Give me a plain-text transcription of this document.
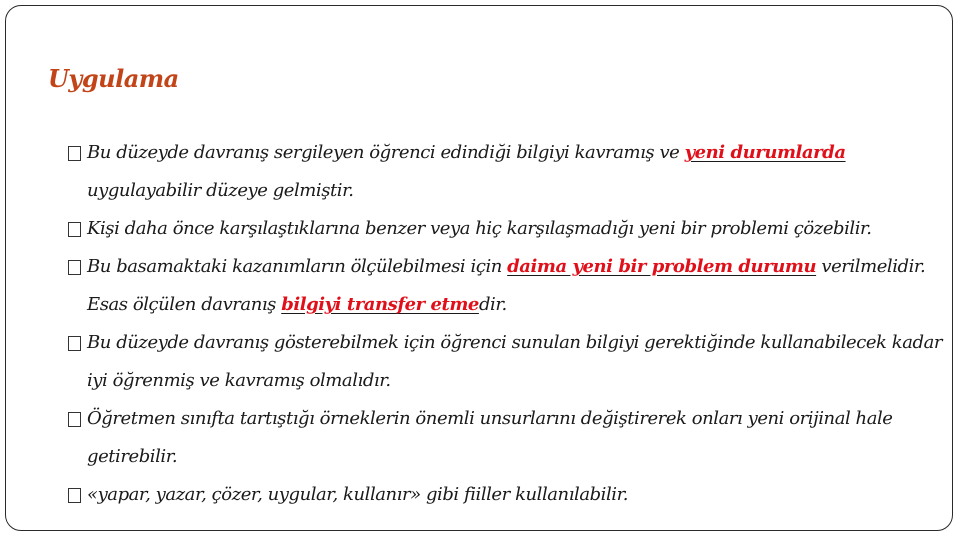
Uygulama
Bu düzeyde davranış sergileyen öğrenci edindiği bilgiyi kavramış ve yeni durumlarda uygulayabilir düzeye gelmiştir.
Kişi daha önce karşılaştıklarına benzer veya hiç karşılaşmadığı yeni bir problemi çözebilir.
Bu basamaktaki kazanımların ölçülebilmesi için daima yeni bir problem durumu verilmelidir. Esas ölçülen davranış bilgiyi transfer etmedir.
Bu düzeyde davranış gösterebilmek için öğrenci sunulan bilgiyi gerektiğinde kullanabilecek kadar iyi öğrenmiş ve kavramış olmalıdır.
Öğretmen sınıfta tartıştığı örneklerin önemli unsurlarını değiştirerek onları yeni orijinal hale getirebilir.
«yapar, yazar, çözer, uygular, kullanır» gibi fiiller kullanılabilir.
